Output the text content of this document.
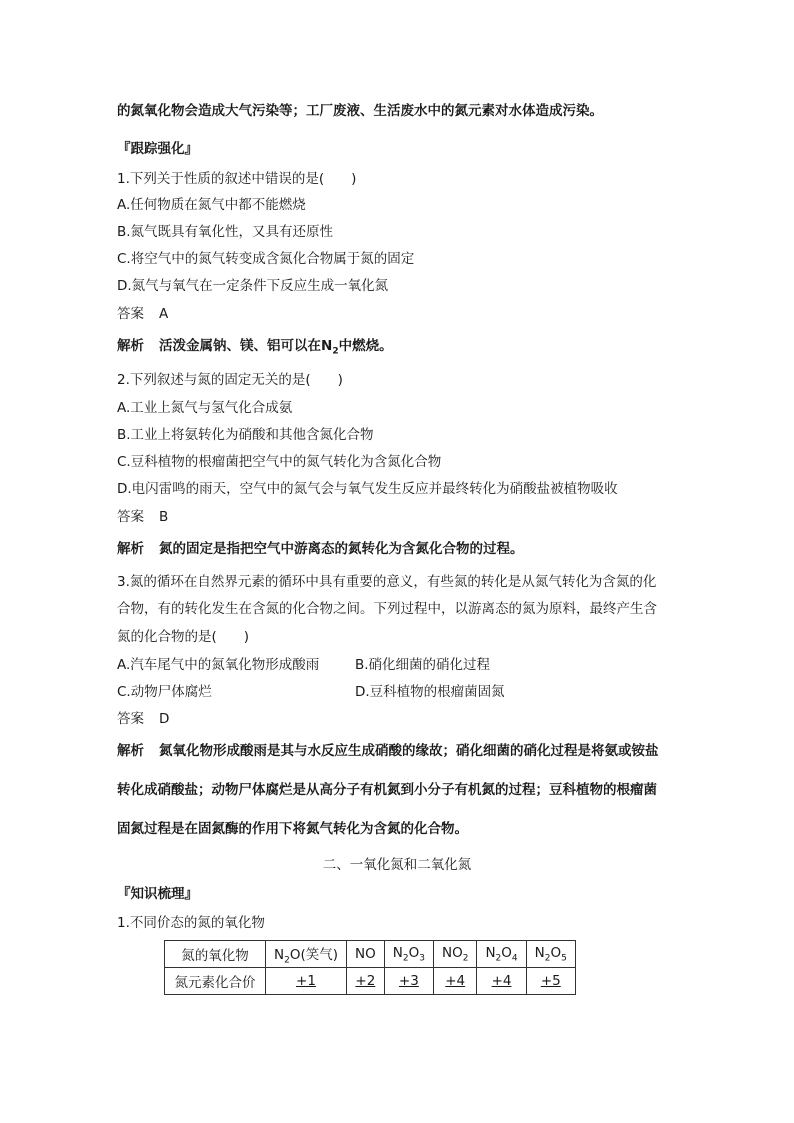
的氮氧化物会造成大气污染等；工厂废液、生活废水中的氮元素对水体造成污染。
『跟踪强化』
1.下列关于性质的叙述中错误的是(　　)
A.任何物质在氮气中都不能燃烧
B.氮气既具有氧化性，又具有还原性
C.将空气中的氮气转变成含氮化合物属于氮的固定
D.氮气与氧气在一定条件下反应生成一氧化氮
答案 A
解析 活泼金属钠、镁、铝可以在$N_2$中燃烧。
2.下列叙述与氮的固定无关的是(　　)
A.工业上氮气与氢气化合成氨
B.工业上将氨转化为硝酸和其他含氮化合物
C.豆科植物的根瘤菌把空气中的氮气转化为含氮化合物
D.电闪雷鸣的雨天，空气中的氮气会与氧气发生反应并最终转化为硝酸盐被植物吸收
答案 B
解析 氮的固定是指把空气中游离态的氮转化为含氮化合物的过程。
3.氮的循环在自然界元素的循环中具有重要的意义，有些氮的转化是从氮气转化为含氮的化
合物，有的转化发生在含氮的化合物之间。下列过程中，以游离态的氮为原料，最终产生含
氮的化合物的是(　　)
A.汽车尾气中的氮氧化物形成酸雨	B.硝化细菌的硝化过程
C.动物尸体腐烂	D.豆科植物的根瘤菌固氮
答案 D
解析 氮氧化物形成酸雨是其与水反应生成硝酸的缘故；硝化细菌的硝化过程是将氨或铵盐
转化成硝酸盐；动物尸体腐烂是从高分子有机氮到小分子有机氮的过程；豆科植物的根瘤菌
固氮过程是在固氮酶的作用下将氮气转化为含氮的化合物。
二、一氧化氮和二氧化氮
『知识梳理』
1.不同价态的氮的氧化物
氮的氧化物	$N_2O$(笑气)	NO	$N_2O_3$	$NO_2$	$N_2O_4$	$N_2O_5$
氮元素化合价	+1	+2	+3	+4	+4	+5
